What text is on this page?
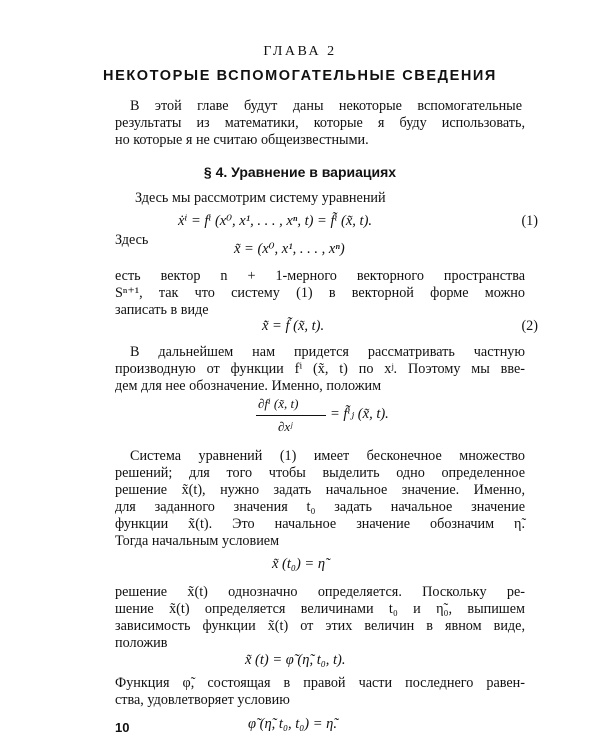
ГЛАВА 2
НЕКОТОРЫЕ ВСПОМОГАТЕЛЬНЫЕ СВЕДЕНИЯ
В этой главе будут даны некоторые вспомогательные
результаты из математики, которые я буду использовать,
но которые я не считаю общеизвестными.
§ 4. Уравнение в вариациях
Здесь мы рассмотрим систему уравнений
ẋⁱ = fⁱ (x⁰, x¹, . . . , xⁿ, t) = f̃ⁱ (x̃, t).	(1)
Здесь
x̃ = (x⁰, x¹, . . . , xⁿ)
есть вектор n + 1-мерного векторного пространства
Sⁿ⁺¹, так что систему (1) в векторной форме можно
записать в виде
x̃̇ = f̃ (x̃, t).	(2)
В дальнейшем нам придется рассматривать частную
производную от функции fⁱ (x̃, t) по xʲ. Поэтому мы вве-
дем для нее обозначение. Именно, положим
∂fⁱ (x̃, t)
∂xʲ
= f̃ⁱⱼ (x̃, t).
Система уравнений (1) имеет бесконечное множество
решений; для того чтобы выделить одно определенное
решение x̃(t), нужно задать начальное значение. Именно,
для заданного значения t₀ задать начальное значение
функции x̃(t). Это начальное значение обозначим η̃.
Тогда начальным условием
x̃ (t₀) = η̃
решение x̃(t) однозначно определяется. Поскольку ре-
шение x̃(t) определяется величинами t₀ и η̃₀, выпишем
зависимость функции x̃(t) от этих величин в явном виде,
положив
x̃ (t) = φ̃ (η̃, t₀, t).
Функция φ̃, состоящая в правой части последнего равен-
ства, удовлетворяет условию
φ̃ (η̃, t₀, t₀) = η̃.
10
